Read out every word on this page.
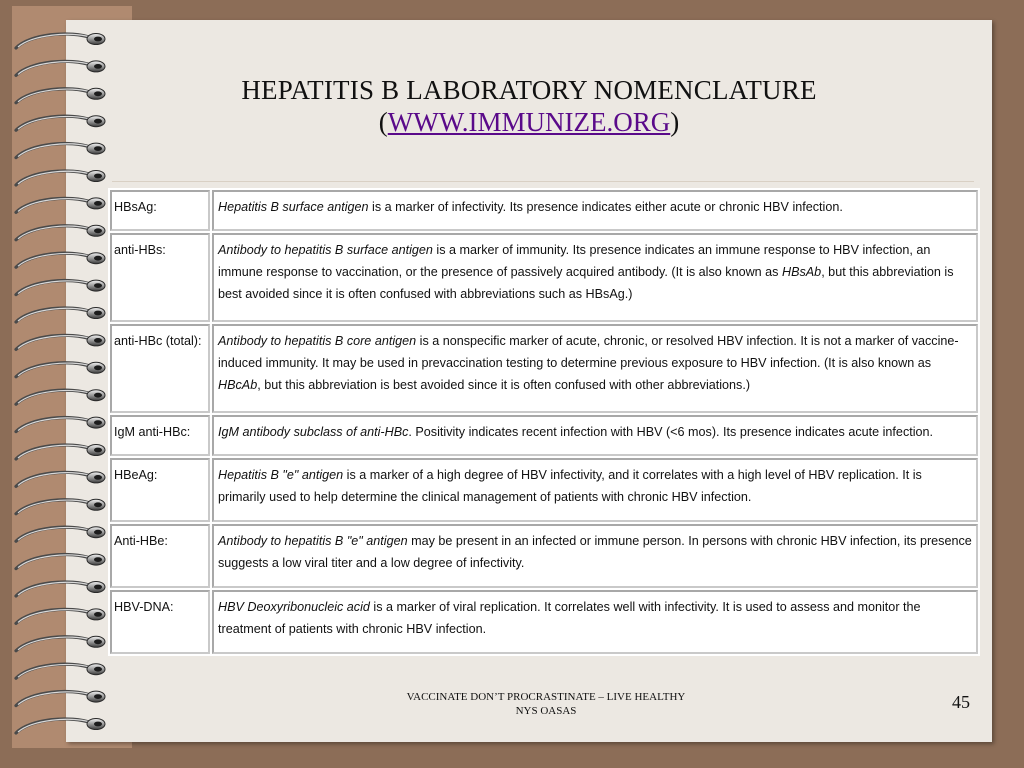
HEPATITIS B LABORATORY NOMENCLATURE
(WWW.IMMUNIZE.ORG)
HBsAg:	Hepatitis B surface antigen is a marker of infectivity. Its presence indicates either acute or chronic HBV infection.
anti-HBs:	Antibody to hepatitis B surface antigen is a marker of immunity. Its presence indicates an immune response to HBV infection, an immune response to vaccination, or the presence of passively acquired antibody. (It is also known as HBsAb, but this abbreviation is best avoided since it is often confused with abbreviations such as HBsAg.)
anti-HBc (total):	Antibody to hepatitis B core antigen is a nonspecific marker of acute, chronic, or resolved HBV infection. It is not a marker of vaccine-induced immunity. It may be used in prevaccination testing to determine previous exposure to HBV infection. (It is also known as HBcAb, but this abbreviation is best avoided since it is often confused with other abbreviations.)
IgM anti-HBc:	IgM antibody subclass of anti-HBc. Positivity indicates recent infection with HBV (<6 mos). Its presence indicates acute infection.
HBeAg:	Hepatitis B "e" antigen is a marker of a high degree of HBV infectivity, and it correlates with a high level of HBV replication. It is primarily used to help determine the clinical management of patients with chronic HBV infection.
Anti-HBe:	Antibody to hepatitis B "e" antigen may be present in an infected or immune person. In persons with chronic HBV infection, its presence suggests a low viral titer and a low degree of infectivity.
HBV-DNA:	HBV Deoxyribonucleic acid is a marker of viral replication. It correlates well with infectivity. It is used to assess and monitor the treatment of patients with chronic HBV infection.
VACCINATE DON’T PROCRASTINATE – LIVE HEALTHY
NYS OASAS	45
